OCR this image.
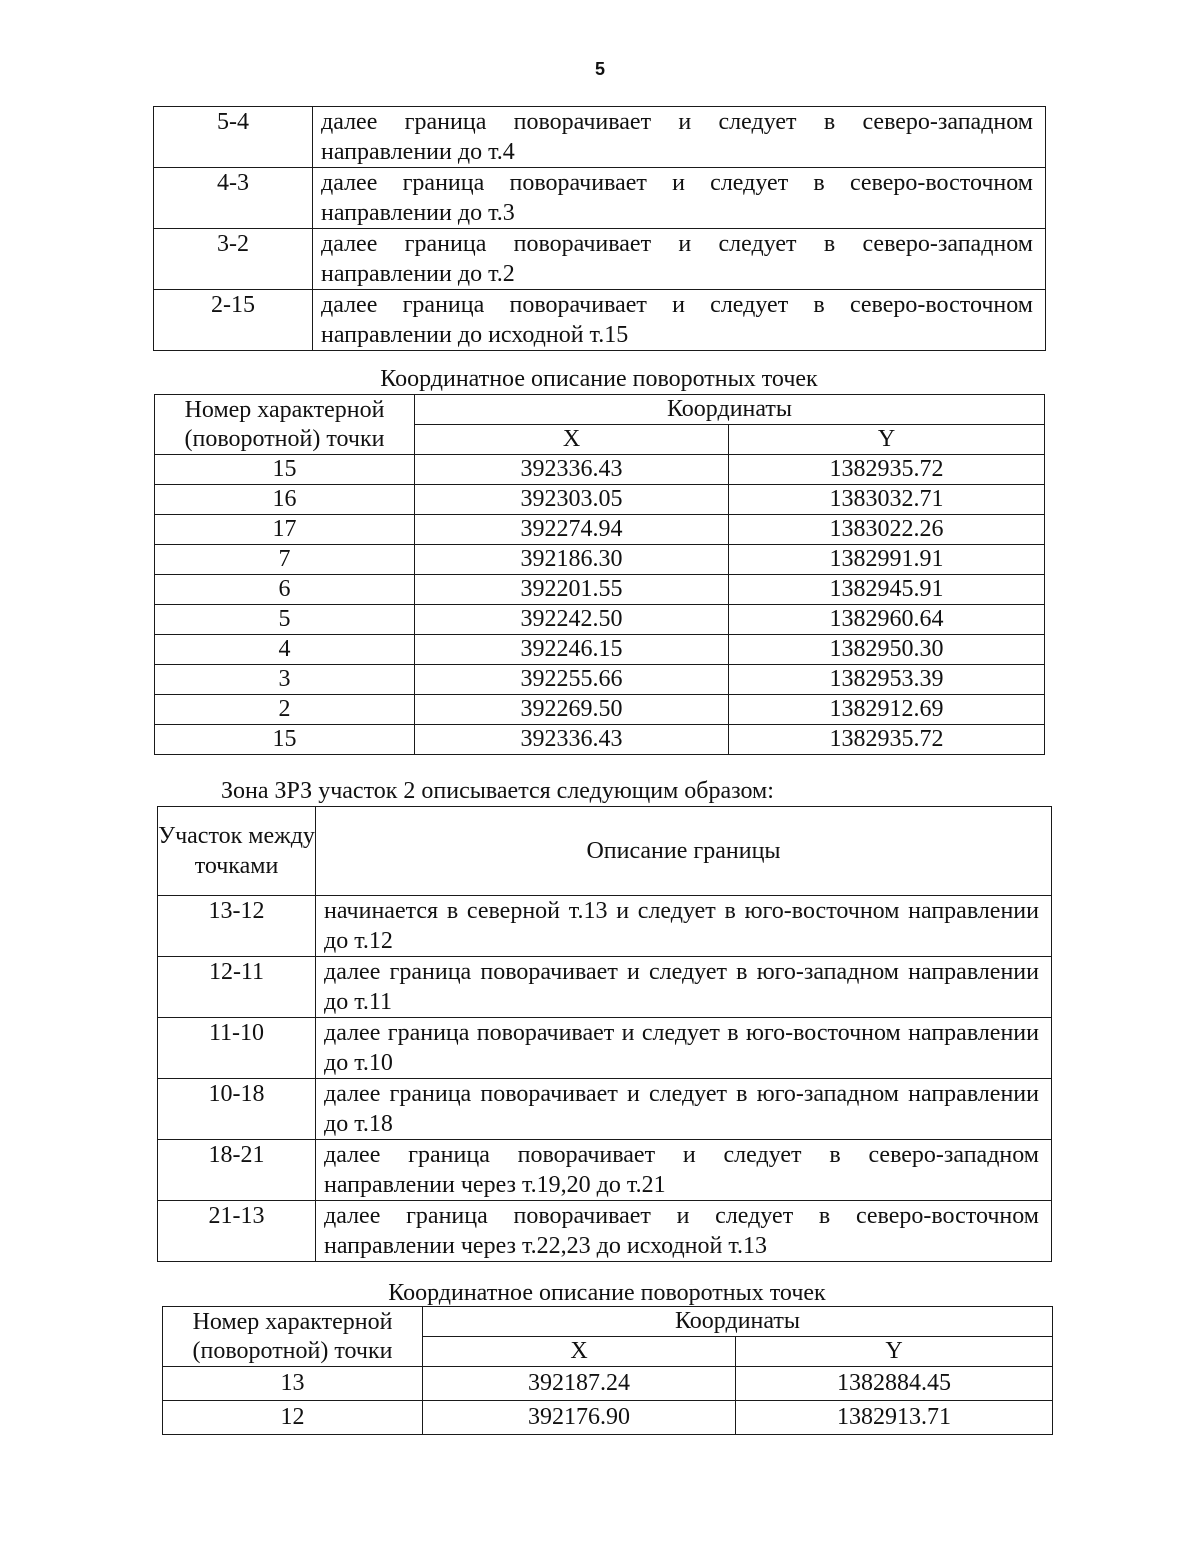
5
5-4	далее граница поворачивает и следует в северо-западном направлении до т.4
4-3	далее граница поворачивает и следует в северо-восточном направлении до т.3
3-2	далее граница поворачивает и следует в северо-западном направлении до т.2
2-15	далее граница поворачивает и следует в северо-восточном направлении до исходной т.15
Координатное описание поворотных точек
Номер характерной (поворотной) точки	Координаты	
	X	Y
15	392336.43	1382935.72
16	392303.05	1383032.71
17	392274.94	1383022.26
7	392186.30	1382991.91
6	392201.55	1382945.91
5	392242.50	1382960.64
4	392246.15	1382950.30
3	392255.66	1382953.39
2	392269.50	1382912.69
15	392336.43	1382935.72
Зона ЗРЗ участок 2 описывается следующим образом:
Участок между точками	Описание границы
13-12	начинается в северной т.13 и следует в юго-восточном направлении до т.12
12-11	далее граница поворачивает и следует в юго-западном направлении до т.11
11-10	далее граница поворачивает и следует в юго-восточном направлении до т.10
10-18	далее граница поворачивает и следует в юго-западном направлении до т.18
18-21	далее граница поворачивает и следует в северо-западном направлении через т.19,20 до т.21
21-13	далее граница поворачивает и следует в северо-восточном направлении через т.22,23 до исходной т.13
Координатное описание поворотных точек
Номер характерной (поворотной) точки	Координаты	
	X	Y
13	392187.24	1382884.45
12	392176.90	1382913.71
